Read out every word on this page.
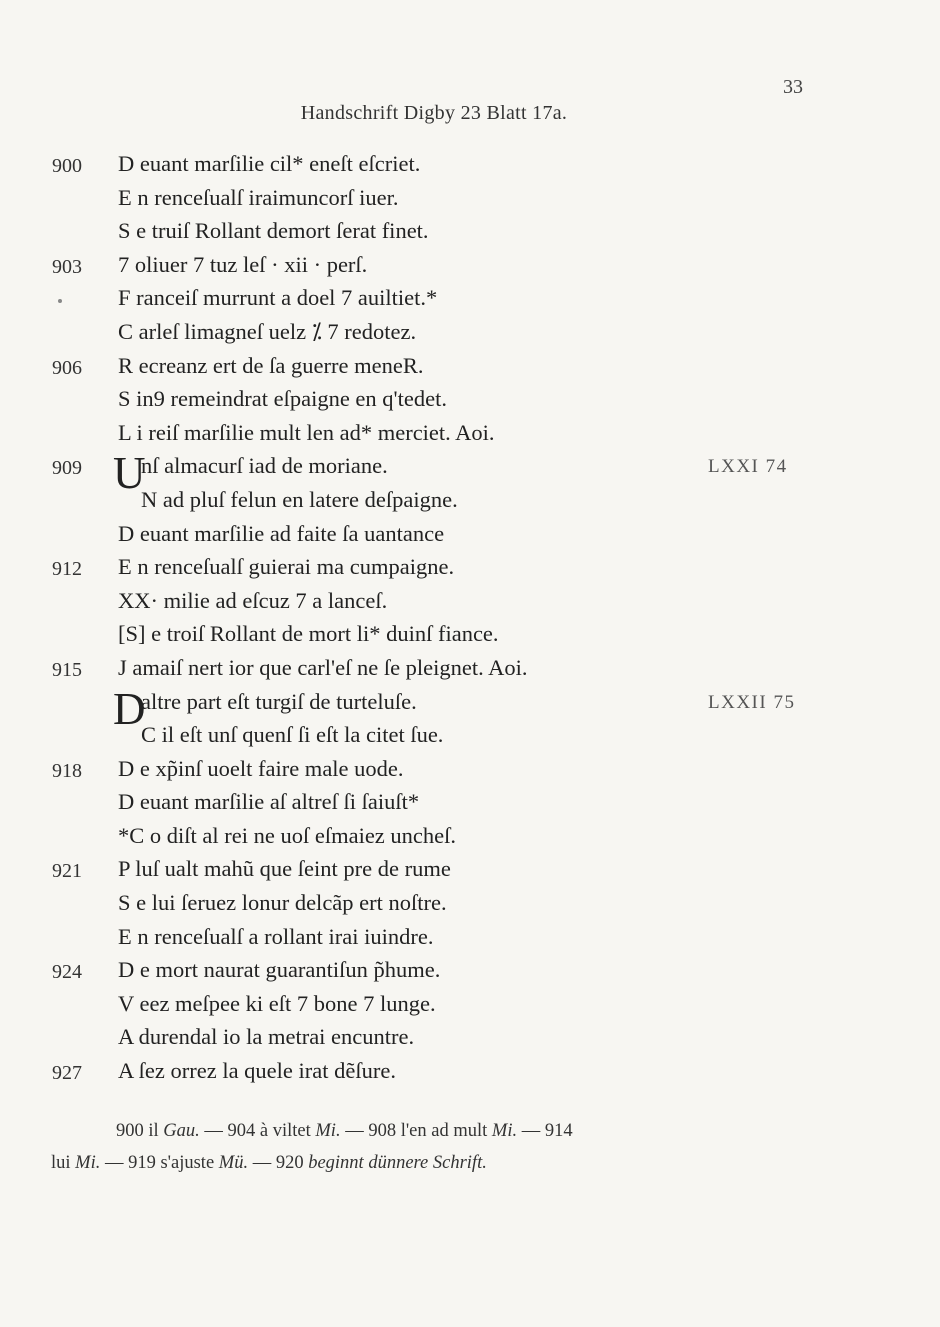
33
Handschrift Digby 23 Blatt 17a.
900 D euant marſilie cil* eneſt eſcriet.
E n renceſualſ iraimuncorſ iuer.
S e truiſ Rollant demort ſerat finet.
903 7 oliuer 7 tuz leſ · xii · perſ.
F ranceiſ murrunt a doel 7 auiltiet.*
C arleſ limagneſ uelz ⁒ 7 redotez.
906 R ecreanz ert de ſa guerre meneR.
S in9 remeindrat eſpaigne en q'tedet.
L i reiſ marſilie mult len ad* merciet. Aoi.
909 U
nſ almacurſ iad de moriane.	LXXI 74
N ad pluſ felun en latere deſpaigne.
D euant marſilie ad faite ſa uantance
912 E n renceſualſ guierai ma cumpaigne.
XX· milie ad eſcuz 7 a lanceſ.
[S] e troiſ Rollant de mort li* duinſ fiance.
915 J amaiſ nert ior que carl'eſ ne ſe pleignet. Aoi.
D
altre part eſt turgiſ de turteluſe.	LXXII 75
C il eſt unſ quenſ ſi eſt la citet ſue.
918 D e xp̃inſ uoelt faire male uode.
D euant marſilie aſ altreſ ſi ſaiuſt*
*C o diſt al rei ne uoſ eſmaiez uncheſ.
921 P luſ ualt mahũ que ſeint pre de rume
S e lui ſeruez lonur delcãp ert noſtre.
E n renceſualſ a rollant irai iuindre.
924 D e mort naurat guarantiſun p̃hume.
V eez meſpee ki eſt 7 bone 7 lunge.
A durendal io la metrai encuntre.
927 A ſez orrez la quele irat dẽſure.
900 il Gau. — 904 à viltet Mi. — 908 l'en ad mult Mi. — 914
lui Mi. — 919 s'ajuste Mü. — 920 beginnt dünnere Schrift.
